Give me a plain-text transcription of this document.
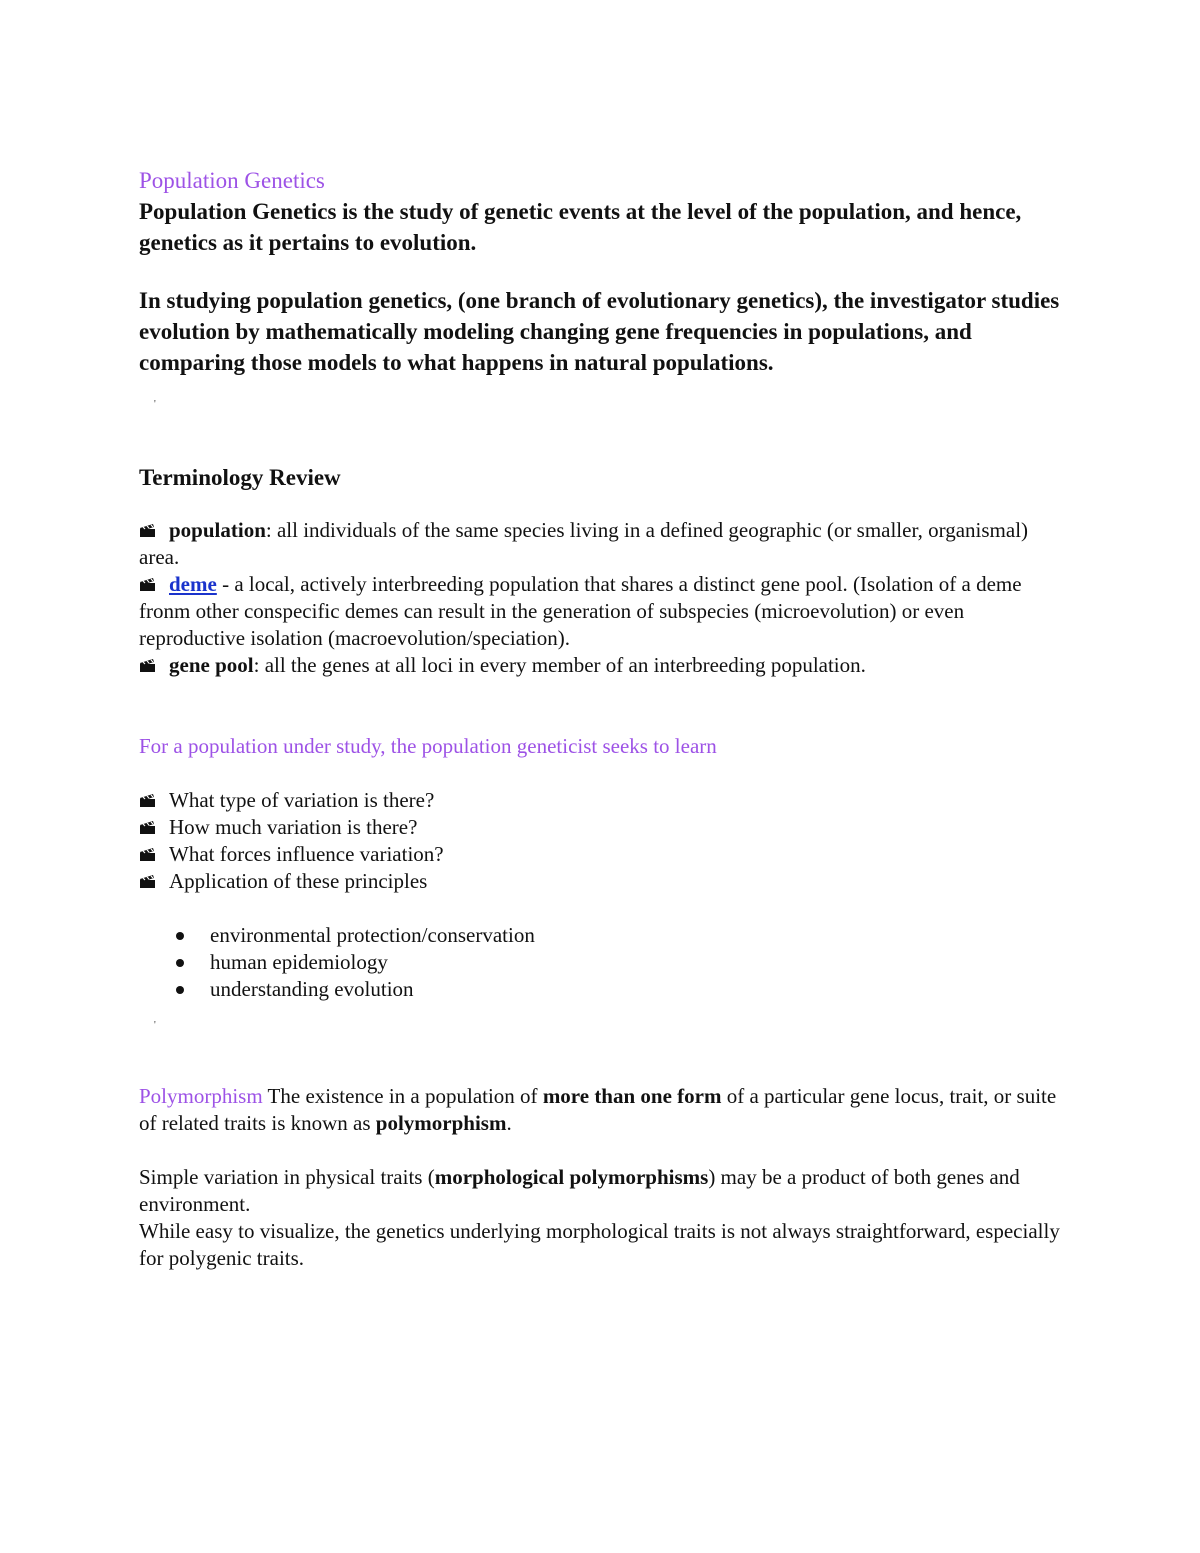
Population Genetics

Population Genetics is the study of genetic events at the level of the population, and hence, genetics as it pertains to evolution.

In studying population genetics, (one branch of evolutionary genetics), the investigator studies evolution by mathematically modeling changing gene frequencies in populations, and comparing those models to what happens in natural populations.

'
Terminology Review

population: all individuals of the same species living in a defined geographic (or smaller, organismal) area.

deme - a local, actively interbreeding population that shares a distinct gene pool. (Isolation of a deme fronm other conspecific demes can result in the generation of subspecies (microevolution) or even reproductive isolation (macroevolution/speciation).

gene pool: all the genes at all loci in every member of an interbreeding population.

For a population under study, the population geneticist seeks to learn

What type of variation is there?

How much variation is there?

What forces influence variation?

Application of these principles

environmental protection/conservation
human epidemiology
understanding evolution
'

Polymorphism The existence in a population of more than one form of a particular gene locus, trait, or suite of related traits is known as polymorphism.

Simple variation in physical traits (morphological polymorphisms) may be a product of both genes and environment.

While easy to visualize, the genetics underlying morphological traits is not always straightforward, especially for polygenic traits.
